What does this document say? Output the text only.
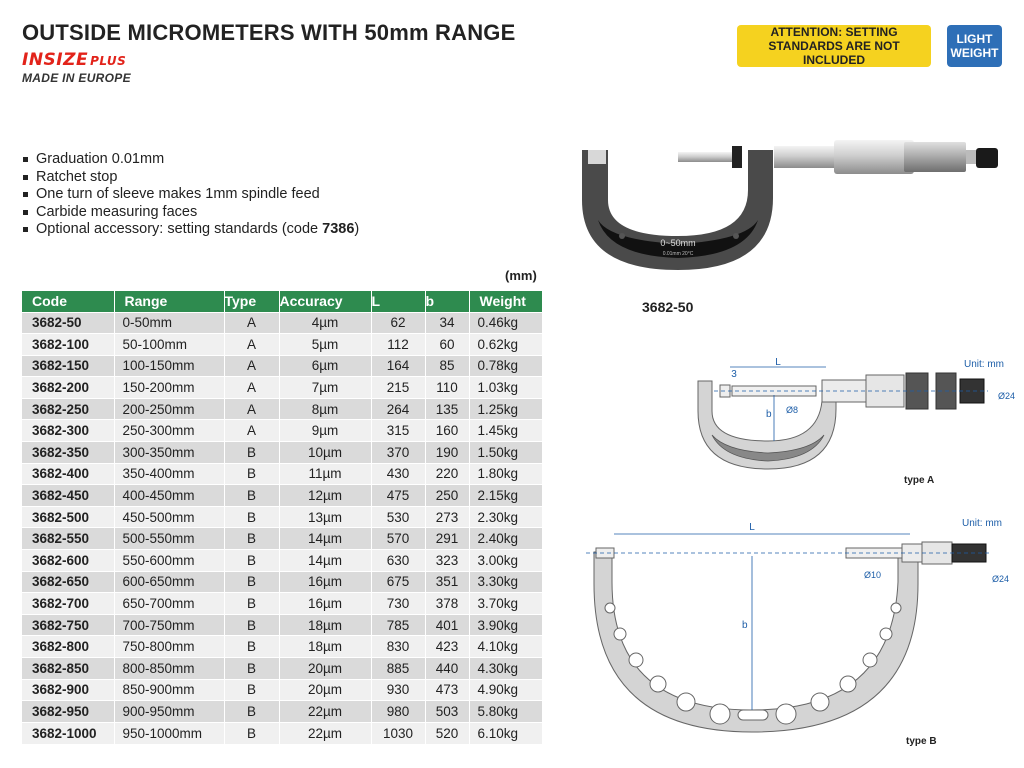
OUTSIDE MICROMETERS WITH 50mm RANGE
INSIZE PLUS
MADE IN EUROPE
ATTENTION: SETTING STANDARDS ARE NOT INCLUDED
LIGHT WEIGHT
Graduation 0.01mm
Ratchet stop
One turn of sleeve makes 1mm spindle feed
Carbide measuring faces
Optional accessory: setting standards (code 7386)
(mm)
Code	Range	Type	Accuracy	L	b	Weight
3682-50	0-50mm	A	4µm	62	34	0.46kg
3682-100	50-100mm	A	5µm	112	60	0.62kg
3682-150	100-150mm	A	6µm	164	85	0.78kg
3682-200	150-200mm	A	7µm	215	110	1.03kg
3682-250	200-250mm	A	8µm	264	135	1.25kg
3682-300	250-300mm	A	9µm	315	160	1.45kg
3682-350	300-350mm	B	10µm	370	190	1.50kg
3682-400	350-400mm	B	11µm	430	220	1.80kg
3682-450	400-450mm	B	12µm	475	250	2.15kg
3682-500	450-500mm	B	13µm	530	273	2.30kg
3682-550	500-550mm	B	14µm	570	291	2.40kg
3682-600	550-600mm	B	14µm	630	323	3.00kg
3682-650	600-650mm	B	16µm	675	351	3.30kg
3682-700	650-700mm	B	16µm	730	378	3.70kg
3682-750	700-750mm	B	18µm	785	401	3.90kg
3682-800	750-800mm	B	18µm	830	423	4.10kg
3682-850	800-850mm	B	20µm	885	440	4.30kg
3682-900	850-900mm	B	20µm	930	473	4.90kg
3682-950	900-950mm	B	22µm	980	503	5.80kg
3682-1000	950-1000mm	B	22µm	1030	520	6.10kg
0~50mm
0.01mm 20°C
3682-50
Unit: mm
L
3
b Ø8
Ø24
type A
Unit: mm
L
b
Ø10	Ø24
type B
